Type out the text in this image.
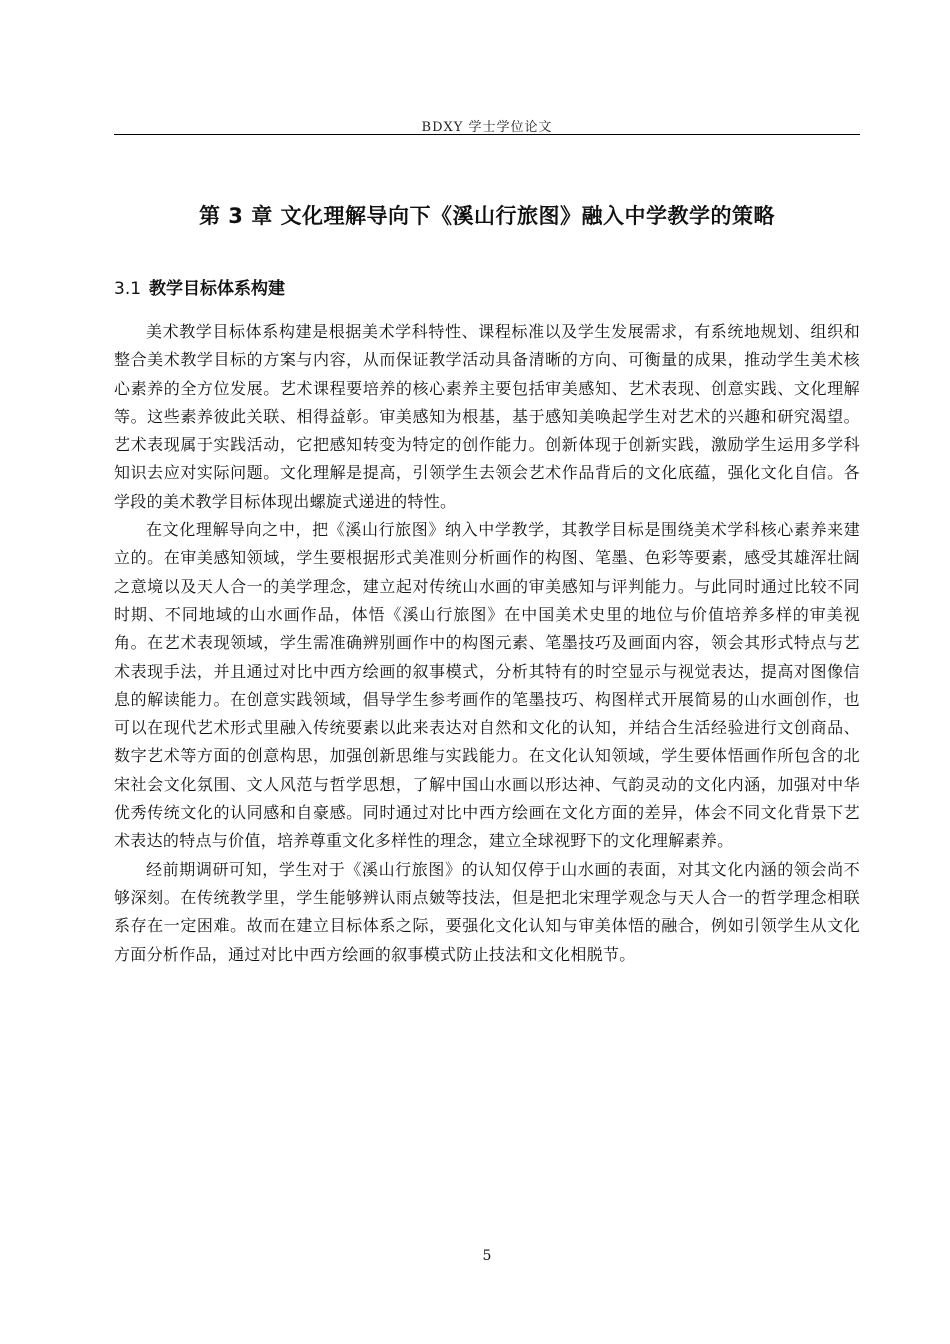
BDXY 学士学位论文
第 3 章 文化理解导向下《溪山行旅图》融入中学教学的策略
3.1 教学目标体系构建

美术教学目标体系构建是根据美术学科特性、课程标准以及学生发展需求，有系统地规划、组织和整合美术教学目标的方案与内容，从而保证教学活动具备清晰的方向、可衡量的成果，推动学生美术核心素养的全方位发展。艺术课程要培养的核心素养主要包括审美感知、艺术表现、创意实践、文化理解等。这些素养彼此关联、相得益彰。审美感知为根基，基于感知美唤起学生对艺术的兴趣和研究渴望。艺术表现属于实践活动，它把感知转变为特定的创作能力。创新体现于创新实践，激励学生运用多学科知识去应对实际问题。文化理解是提高，引领学生去领会艺术作品背后的文化底蕴，强化文化自信。各学段的美术教学目标体现出螺旋式递进的特性。

在文化理解导向之中，把《溪山行旅图》纳入中学教学，其教学目标是围绕美术学科核心素养来建立的。在审美感知领域，学生要根据形式美准则分析画作的构图、笔墨、色彩等要素，感受其雄浑壮阔之意境以及天人合一的美学理念，建立起对传统山水画的审美感知与评判能力。与此同时通过比较不同时期、不同地域的山水画作品，体悟《溪山行旅图》在中国美术史里的地位与价值培养多样的审美视角。在艺术表现领域，学生需准确辨别画作中的构图元素、笔墨技巧及画面内容，领会其形式特点与艺术表现手法，并且通过对比中西方绘画的叙事模式，分析其特有的时空显示与视觉表达，提高对图像信息的解读能力。在创意实践领域，倡导学生参考画作的笔墨技巧、构图样式开展简易的山水画创作，也可以在现代艺术形式里融入传统要素以此来表达对自然和文化的认知，并结合生活经验进行文创商品、数字艺术等方面的创意构思，加强创新思维与实践能力。在文化认知领域，学生要体悟画作所包含的北宋社会文化氛围、文人风范与哲学思想，了解中国山水画以形达神、气韵灵动的文化内涵，加强对中华优秀传统文化的认同感和自豪感。同时通过对比中西方绘画在文化方面的差异，体会不同文化背景下艺术表达的特点与价值，培养尊重文化多样性的理念，建立全球视野下的文化理解素养。

经前期调研可知，学生对于《溪山行旅图》的认知仅停于山水画的表面，对其文化内涵的领会尚不够深刻。在传统教学里，学生能够辨认雨点皴等技法，但是把北宋理学观念与天人合一的哲学理念相联系存在一定困难。故而在建立目标体系之际，要强化文化认知与审美体悟的融合，例如引领学生从文化方面分析作品，通过对比中西方绘画的叙事模式防止技法和文化相脱节。

5
